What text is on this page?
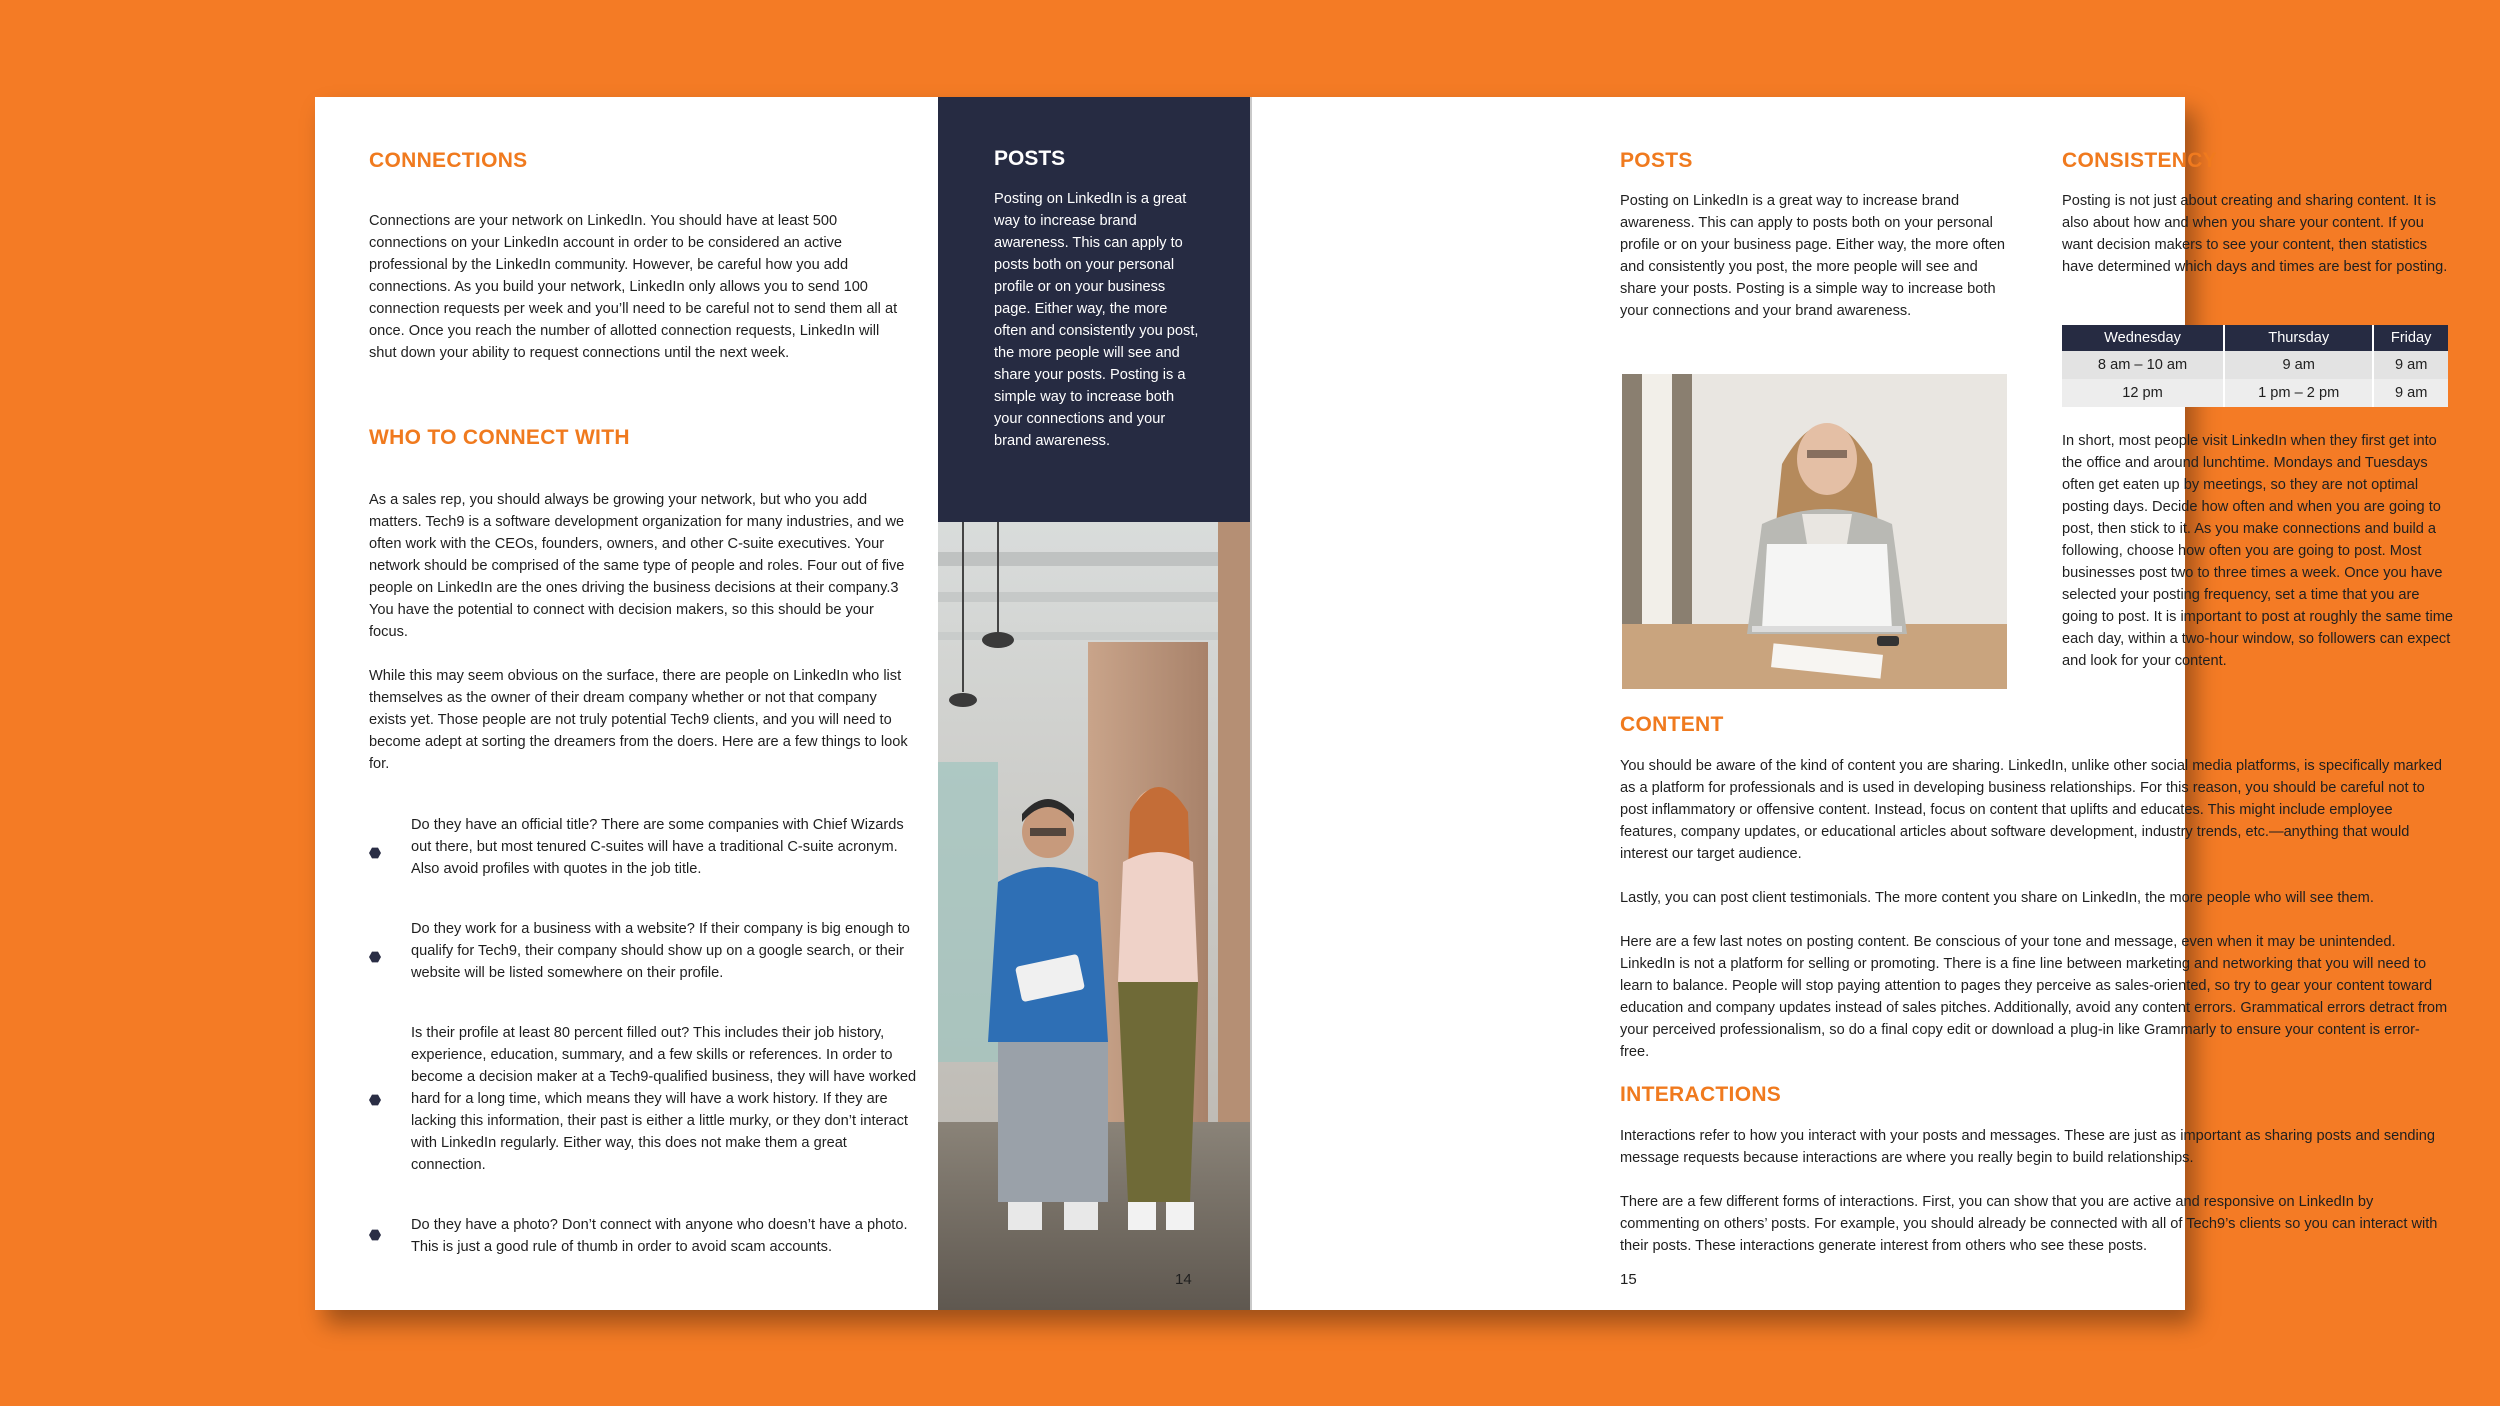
CONNECTIONS

Connections are your network on LinkedIn. You should have at least 500 connections on your LinkedIn account in order to be considered an active professional by the LinkedIn community. However, be careful how you add connections. As you build your network, LinkedIn only allows you to send 100 connection requests per week and you’ll need to be careful not to send them all at once. Once you reach the number of allotted connection requests, LinkedIn will shut down your ability to request connections until the next week.

WHO TO CONNECT WITH

As a sales rep, you should always be growing your network, but who you add matters. Tech9 is a software development organization for many industries, and we often work with the CEOs, founders, owners, and other C-suite executives. Your network should be comprised of the same type of people and roles. Four out of five people on LinkedIn are the ones driving the business decisions at their company.3 You have the potential to connect with decision makers, so this should be your focus.

While this may seem obvious on the surface, there are people on LinkedIn who list themselves as the owner of their dream company whether or not that company exists yet. Those people are not truly potential Tech9 clients, and you will need to become adept at sorting the dreamers from the doers. Here are a few things to look for.

Do they have an official title? There are some companies with Chief Wizards out there, but most tenured C-suites will have a traditional C-suite acronym. Also avoid profiles with quotes in the job title.

Do they work for a business with a website? If their company is big enough to qualify for Tech9, their company should show up on a google search, or their website will be listed somewhere on their profile.

Is their profile at least 80 percent filled out? This includes their job history, experience, education, summary, and a few skills or references. In order to become a decision maker at a Tech9-qualified business, they will have worked hard for a long time, which means they will have a work history. If they are lacking this information, their past is either a little murky, or they don’t interact with LinkedIn regularly. Either way, this does not make them a great connection.

Do they have a photo? Don’t connect with anyone who doesn’t have a photo. This is just a good rule of thumb in order to avoid scam accounts.

POSTS

Posting on LinkedIn is a great way to increase brand awareness. This can apply to posts both on your personal profile or on your business page. Either way, the more often and consistently you post, the more people will see and share your posts. Posting is a simple way to increase both your connections and your brand awareness.

14

POSTS

Posting on LinkedIn is a great way to increase brand awareness. This can apply to posts both on your personal profile or on your business page. Either way, the more often and consistently you post, the more people will see and share your posts. Posting is a simple way to increase both your connections and your brand awareness.

CONSISTENCY

Posting is not just about creating and sharing content. It is also about how and when you share your content. If you want decision makers to see your content, then statistics have determined which days and times are best for posting.

Wednesday	Thursday	Friday
8 am – 10 am	9 am	9 am
12 pm	1 pm – 2 pm	9 am

In short, most people visit LinkedIn when they first get into the office and around lunchtime. Mondays and Tuesdays often get eaten up by meetings, so they are not optimal posting days. Decide how often and when you are going to post, then stick to it. As you make connections and build a following, choose how often you are going to post. Most businesses post two to three times a week. Once you have selected your posting frequency, set a time that you are going to post. It is important to post at roughly the same time each day, within a two-hour window, so followers can expect and look for your content.

CONTENT

You should be aware of the kind of content you are sharing. LinkedIn, unlike other social media platforms, is specifically marked as a platform for professionals and is used in developing business relationships. For this reason, you should be careful not to post inflammatory or offensive content. Instead, focus on content that uplifts and educates. This might include employee features, company updates, or educational articles about software development, industry trends, etc.—anything that would interest our target audience.

Lastly, you can post client testimonials. The more content you share on LinkedIn, the more people who will see them.

Here are a few last notes on posting content. Be conscious of your tone and message, even when it may be unintended. LinkedIn is not a platform for selling or promoting. There is a fine line between marketing and networking that you will need to learn to balance. People will stop paying attention to pages they perceive as sales-oriented, so try to gear your content toward education and company updates instead of sales pitches. Additionally, avoid any content errors. Grammatical errors detract from your perceived professionalism, so do a final copy edit or download a plug-in like Grammarly to ensure your content is error-free.

INTERACTIONS

Interactions refer to how you interact with your posts and messages. These are just as important as sharing posts and sending message requests because interactions are where you really begin to build relationships.

There are a few different forms of interactions. First, you can show that you are active and responsive on LinkedIn by commenting on others’ posts. For example, you should already be connected with all of Tech9’s clients so you can interact with their posts. These interactions generate interest from others who see these posts.

15
